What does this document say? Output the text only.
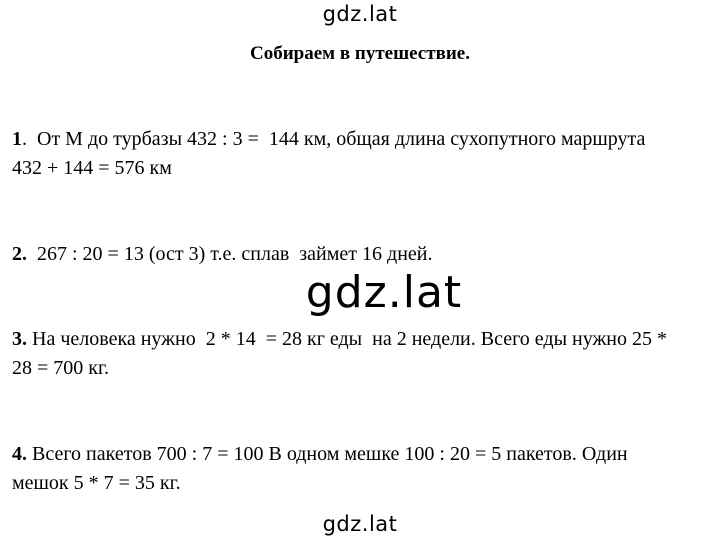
gdz.lat
Собираем в путешествие.
1.  От М до турбазы 432 : 3 =  144 км, общая длина сухопутного маршрута
432 + 144 = 576 км
2.  267 : 20 = 13 (ост 3) т.е. сплав  займет 16 дней.
gdz.lat
3. На человека нужно  2 * 14  = 28 кг еды  на 2 недели. Всего еды нужно 25 *
28 = 700 кг.
4. Всего пакетов 700 : 7 = 100 В одном мешке 100 : 20 = 5 пакетов. Один
мешок 5 * 7 = 35 кг.
gdz.lat
